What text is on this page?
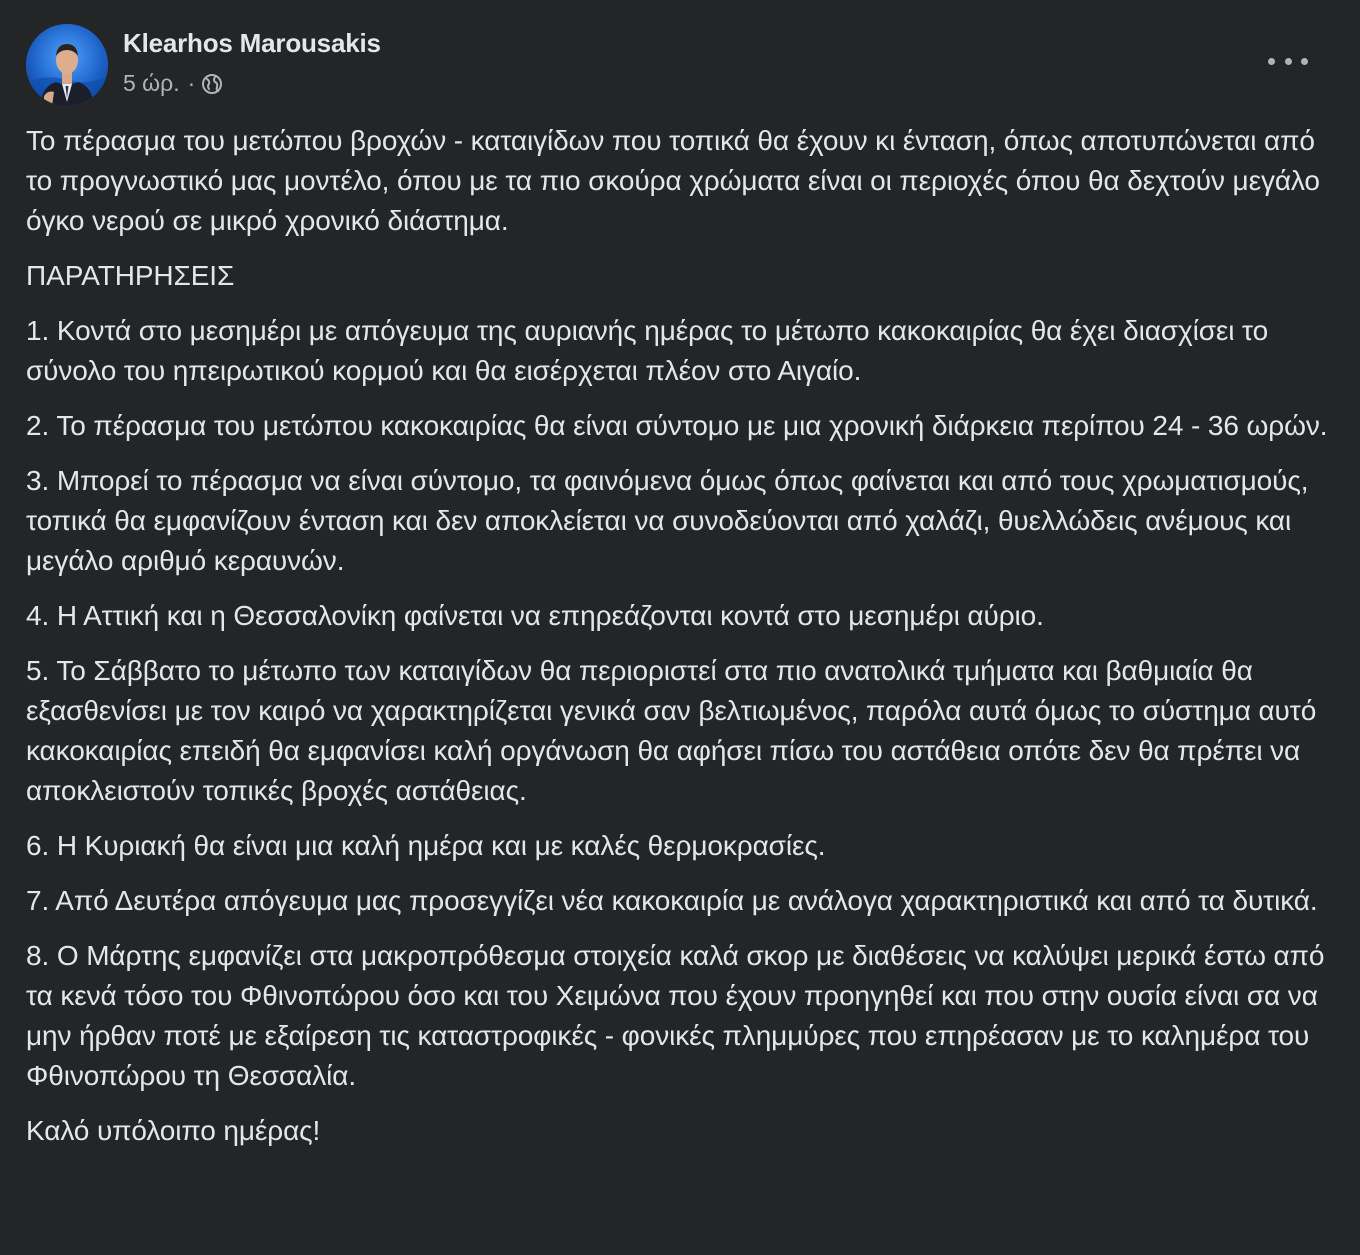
Klearhos Marousakis
5 ώρ. ·

Το πέρασμα του μετώπου βροχών - καταιγίδων που τοπικά θα έχουν κι ένταση, όπως αποτυπώνεται από το προγνωστικό μας μοντέλο, όπου με τα πιο σκούρα χρώματα είναι οι περιοχές όπου θα δεχτούν μεγάλο όγκο νερού σε μικρό χρονικό διάστημα.

ΠΑΡΑΤΗΡΗΣΕΙΣ

1. Κοντά στο μεσημέρι με απόγευμα της αυριανής ημέρας το μέτωπο κακοκαιρίας θα έχει διασχίσει το σύνολο του ηπειρωτικού κορμού και θα εισέρχεται πλέον στο Αιγαίο.

2. Το πέρασμα του μετώπου κακοκαιρίας θα είναι σύντομο με μια χρονική διάρκεια περίπου 24 - 36 ωρών.

3. Μπορεί το πέρασμα να είναι σύντομο, τα φαινόμενα όμως όπως φαίνεται και από τους χρωματισμούς, τοπικά θα εμφανίζουν ένταση και δεν αποκλείεται να συνοδεύονται από χαλάζι, θυελλώδεις ανέμους και μεγάλο αριθμό κεραυνών.

4. Η Αττική και η Θεσσαλονίκη φαίνεται να επηρεάζονται κοντά στο μεσημέρι αύριο.

5. Το Σάββατο το μέτωπο των καταιγίδων θα περιοριστεί στα πιο ανατολικά τμήματα και βαθμιαία θα εξασθενίσει με τον καιρό να χαρακτηρίζεται γενικά σαν βελτιωμένος, παρόλα αυτά όμως το σύστημα αυτό κακοκαιρίας επειδή θα εμφανίσει καλή οργάνωση θα αφήσει πίσω του αστάθεια οπότε δεν θα πρέπει να αποκλειστούν τοπικές βροχές αστάθειας.

6. Η Κυριακή θα είναι μια καλή ημέρα και με καλές θερμοκρασίες.

7. Από Δευτέρα απόγευμα μας προσεγγίζει νέα κακοκαιρία με ανάλογα χαρακτηριστικά και από τα δυτικά.

8. Ο Μάρτης εμφανίζει στα μακροπρόθεσμα στοιχεία καλά σκορ με διαθέσεις να καλύψει μερικά έστω από τα κενά τόσο του Φθινοπώρου όσο και του Χειμώνα που έχουν προηγηθεί και που στην ουσία είναι σα να μην ήρθαν ποτέ με εξαίρεση τις καταστροφικές - φονικές πλημμύρες που επηρέασαν με το καλημέρα του Φθινοπώρου τη Θεσσαλία.

Καλό υπόλοιπο ημέρας!
